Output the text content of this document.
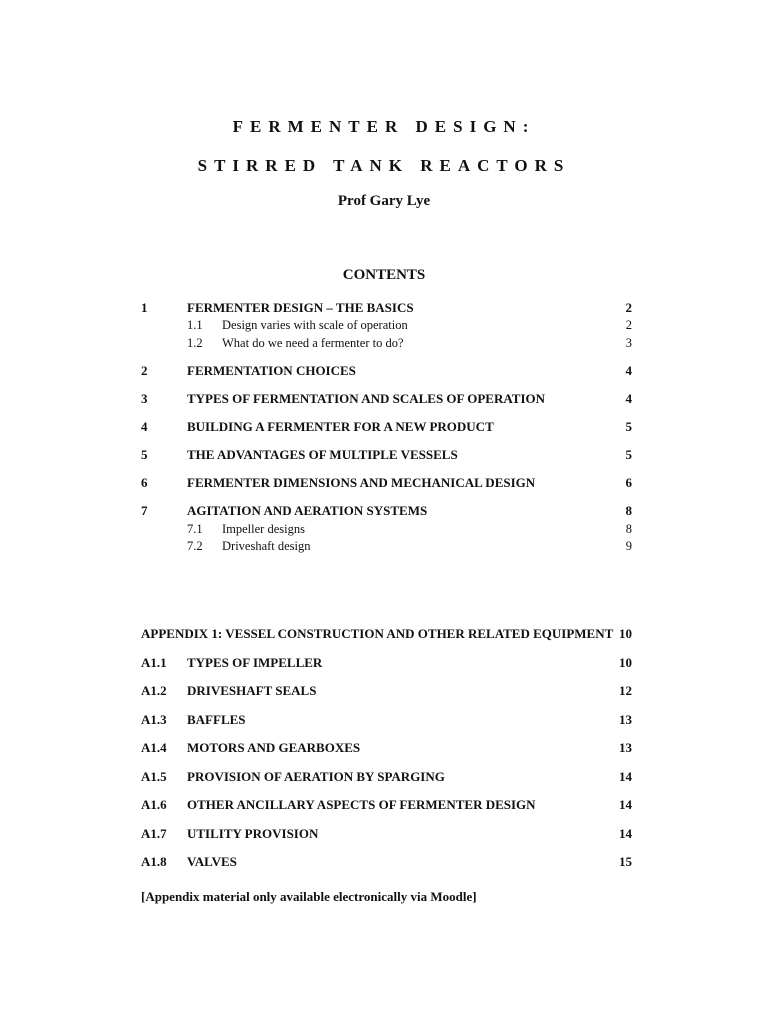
FERMENTER DESIGN:
STIRRED TANK REACTORS
Prof Gary Lye
CONTENTS
1	FERMENTER DESIGN – THE BASICS	2
1.1 Design varies with scale of operation	2
1.2 What do we need a fermenter to do?	3
2	FERMENTATION CHOICES	4
3	TYPES OF FERMENTATION AND SCALES OF OPERATION	4
4	BUILDING A FERMENTER FOR A NEW PRODUCT	5
5	THE ADVANTAGES OF MULTIPLE VESSELS	5
6	FERMENTER DIMENSIONS AND MECHANICAL DESIGN	6
7	AGITATION AND AERATION SYSTEMS	8
7.1 Impeller designs	8
7.2 Driveshaft design	9
APPENDIX 1: VESSEL CONSTRUCTION AND OTHER RELATED EQUIPMENT 10
A1.1 TYPES OF IMPELLER	10
A1.2 DRIVESHAFT SEALS	12
A1.3 BAFFLES	13
A1.4 MOTORS AND GEARBOXES	13
A1.5 PROVISION OF AERATION BY SPARGING	14
A1.6 OTHER ANCILLARY ASPECTS OF FERMENTER DESIGN	14
A1.7 UTILITY PROVISION	14
A1.8 VALVES	15
[Appendix material only available electronically via Moodle]
